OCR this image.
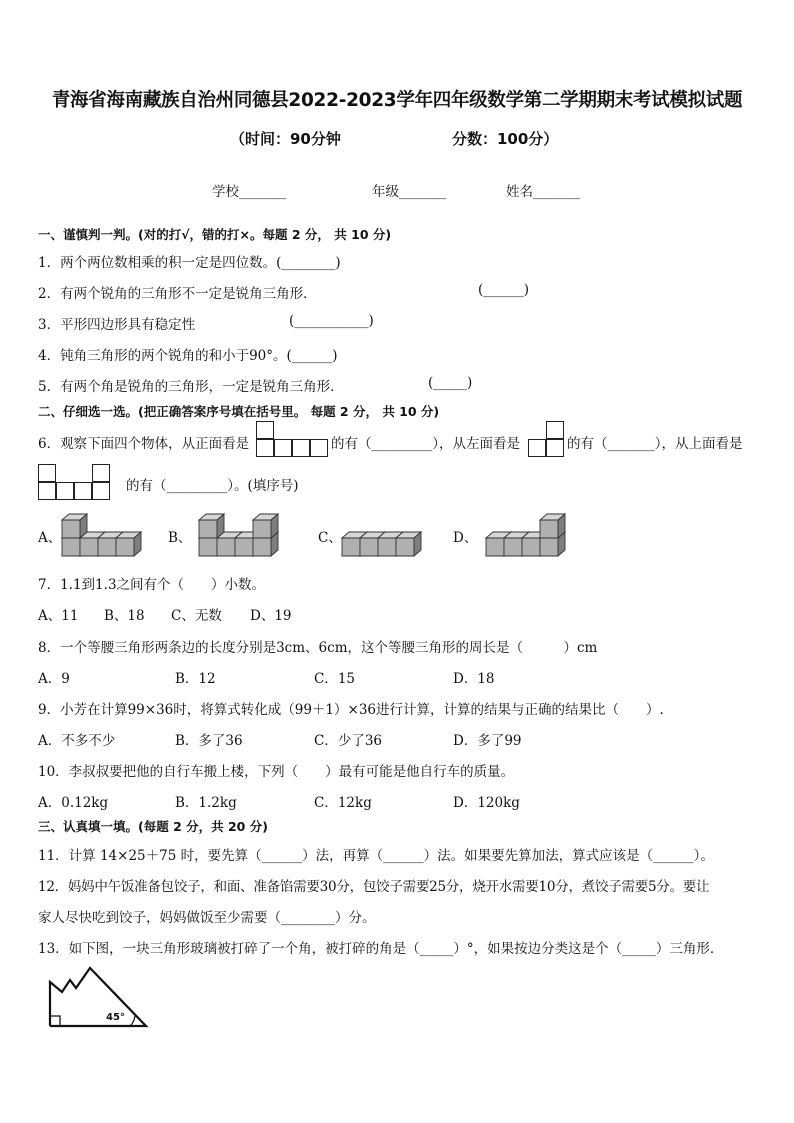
青海省海南藏族自治州同德县2022-2023学年四年级数学第二学期期末考试模拟试题
（时间：90分钟	分数：100分）
学校_______	年级_______	姓名_______
一、谨慎判一判。(对的打√，错的打×。每题 2 分， 共 10 分)
1．两个两位数相乘的积一定是四位数。(________)
2．有两个锐角的三角形不一定是锐角三角形．	(______)
3．平形四边形具有稳定性	(___________)
4．钝角三角形的两个锐角的和小于90°。(______)
5．有两个角是锐角的三角形，一定是锐角三角形．	(_____)
二、仔细选一选。(把正确答案序号填在括号里。 每题 2 分， 共 10 分)
6．观察下面四个物体，从正面看是	的有（_________），从左面看是	的有（_______），从上面看是
的有（_________）。(填序号)
A、	B、	C、	D、
7．1.1到1.3之间有个（　　）小数。
A、11 B、18 C、无数 D、19
8．一个等腰三角形两条边的长度分别是3cm、6cm，这个等腰三角形的周长是（　　　）cm
A．9	B．12	C．15	D．18
9．小芳在计算99×36时，将算式转化成（99＋1）×36进行计算，计算的结果与正确的结果比（　　）.
A．不多不少	B．多了36	C．少了36	D．多了99
10．李叔叔要把他的自行车搬上楼，下列（　　）最有可能是他自行车的质量。
A．0.12kg	B．1.2kg	C．12kg	D．120kg
三、认真填一填。(每题 2 分，共 20 分)
11．计算 14×25＋75 时，要先算（______）法，再算（______）法。如果要先算加法，算式应该是（______）。
12．妈妈中午饭准备包饺子，和面、准备馅需要30分，包饺子需要25分，烧开水需要10分，煮饺子需要5分。要让
家人尽快吃到饺子，妈妈做饭至少需要（________）分。
13．如下图，一块三角形玻璃被打碎了一个角，被打碎的角是（_____）°，如果按边分类这是个（_____）三角形．
45°
